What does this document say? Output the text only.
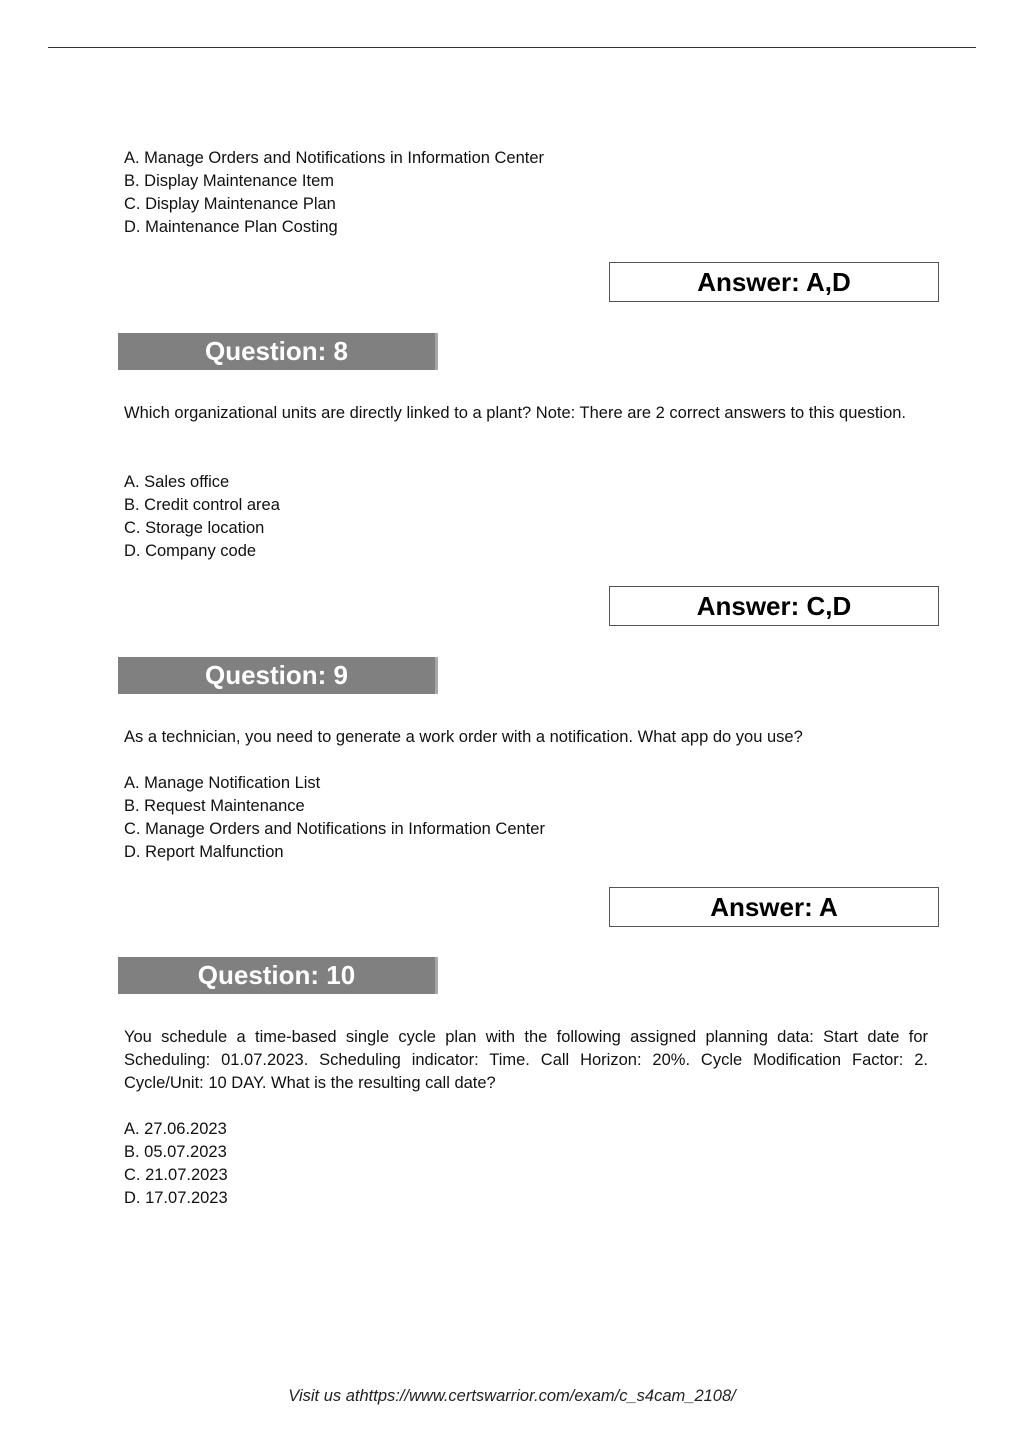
A. Manage Orders and Notifications in Information Center
B. Display Maintenance Item
C. Display Maintenance Plan
D. Maintenance Plan Costing
Answer: A,D
Question: 8
Which organizational units are directly linked to a plant? Note: There are 2 correct answers to this question.
A. Sales office
B. Credit control area
C. Storage location
D. Company code
Answer: C,D
Question: 9
As a technician, you need to generate a work order with a notification. What app do you use?
A. Manage Notification List
B. Request Maintenance
C. Manage Orders and Notifications in Information Center
D. Report Malfunction
Answer: A
Question: 10
You schedule a time-based single cycle plan with the following assigned planning data: Start date for Scheduling: 01.07.2023. Scheduling indicator: Time. Call Horizon: 20%. Cycle Modification Factor: 2. Cycle/Unit: 10 DAY. What is the resulting call date?
A. 27.06.2023
B. 05.07.2023
C. 21.07.2023
D. 17.07.2023
Visit us athttps://www.certswarrior.com/exam/c_s4cam_2108/
